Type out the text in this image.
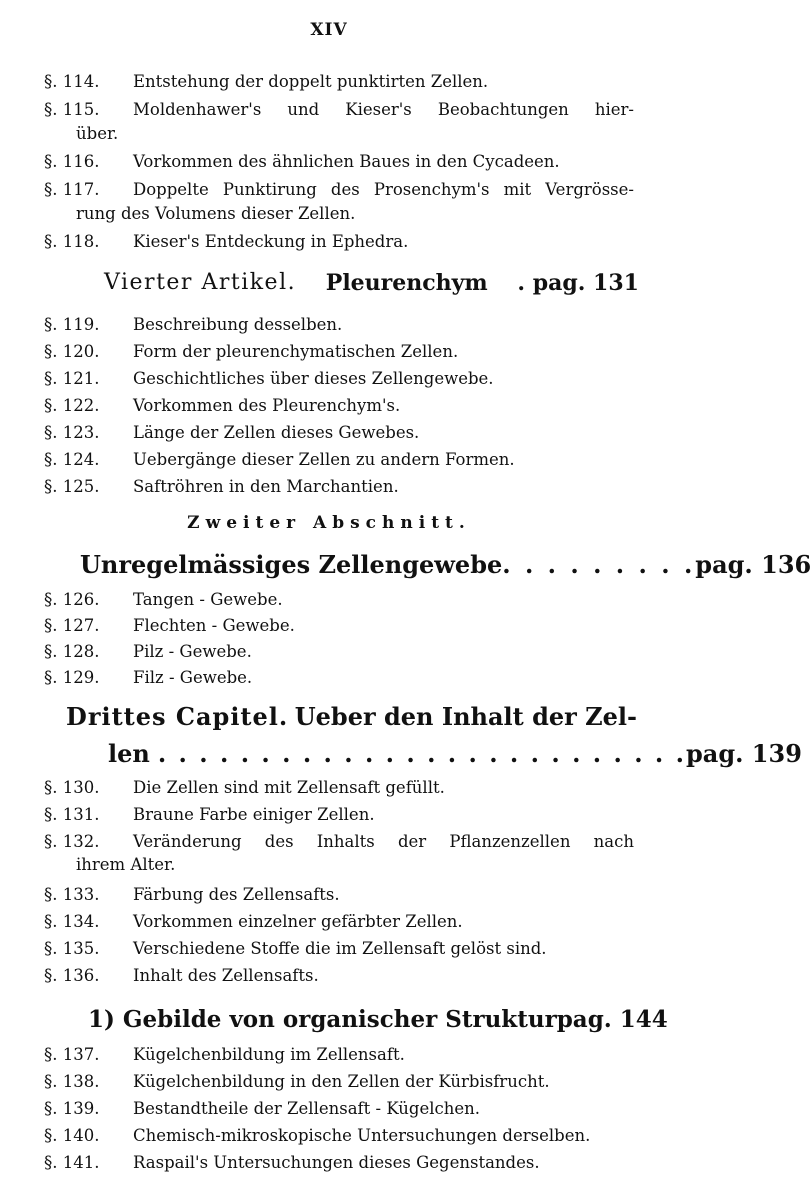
XIV
§. 114.	Entstehung der doppelt punktirten Zellen.
§. 115.	Moldenhawer's und Kieser's Beobachtungen hier-
über.
§. 116.	Vorkommen des ähnlichen Baues in den Cycadeen.
§. 117.	Doppelte Punktirung des Prosenchym's mit Vergrösse-
rung des Volumens dieser Zellen.
§. 118.	Kieser's Entdeckung in Ephedra.
Vierter Artikel. Pleurenchym . pag. 131
§. 119.	Beschreibung desselben.
§. 120.	Form der pleurenchymatischen Zellen.
§. 121.	Geschichtliches über dieses Zellengewebe.
§. 122.	Vorkommen des Pleurenchym's.
§. 123.	Länge der Zellen dieses Gewebes.
§. 124.	Uebergänge dieser Zellen zu andern Formen.
§. 125.	Saftröhren in den Marchantien.
Zweiter Abschnitt.
Unregelmässiges Zellengewebe . . . . . . . . . pag. 136
§. 126.	Tangen - Gewebe.
§. 127.	Flechten - Gewebe.
§. 128.	Pilz - Gewebe.
§. 129.	Filz - Gewebe.
Drittes Capitel. Ueber den Inhalt der Zel-
len . . . . . . . . . . . . . . . . . . . . . . . . . . pag. 139
§. 130.	Die Zellen sind mit Zellensaft gefüllt.
§. 131.	Braune Farbe einiger Zellen.
§. 132.	Veränderung des Inhalts der Pflanzenzellen nach
ihrem Alter.
§. 133.	Färbung des Zellensafts.
§. 134.	Vorkommen einzelner gefärbter Zellen.
§. 135.	Verschiedene Stoffe die im Zellensaft gelöst sind.
§. 136.	Inhalt des Zellensafts.
1) Gebilde von organischer Struktur pag. 144
§. 137.	Kügelchenbildung im Zellensaft.
§. 138.	Kügelchenbildung in den Zellen der Kürbisfrucht.
§. 139.	Bestandtheile der Zellensaft - Kügelchen.
§. 140.	Chemisch-mikroskopische Untersuchungen derselben.
§. 141.	Raspail's Untersuchungen dieses Gegenstandes.
